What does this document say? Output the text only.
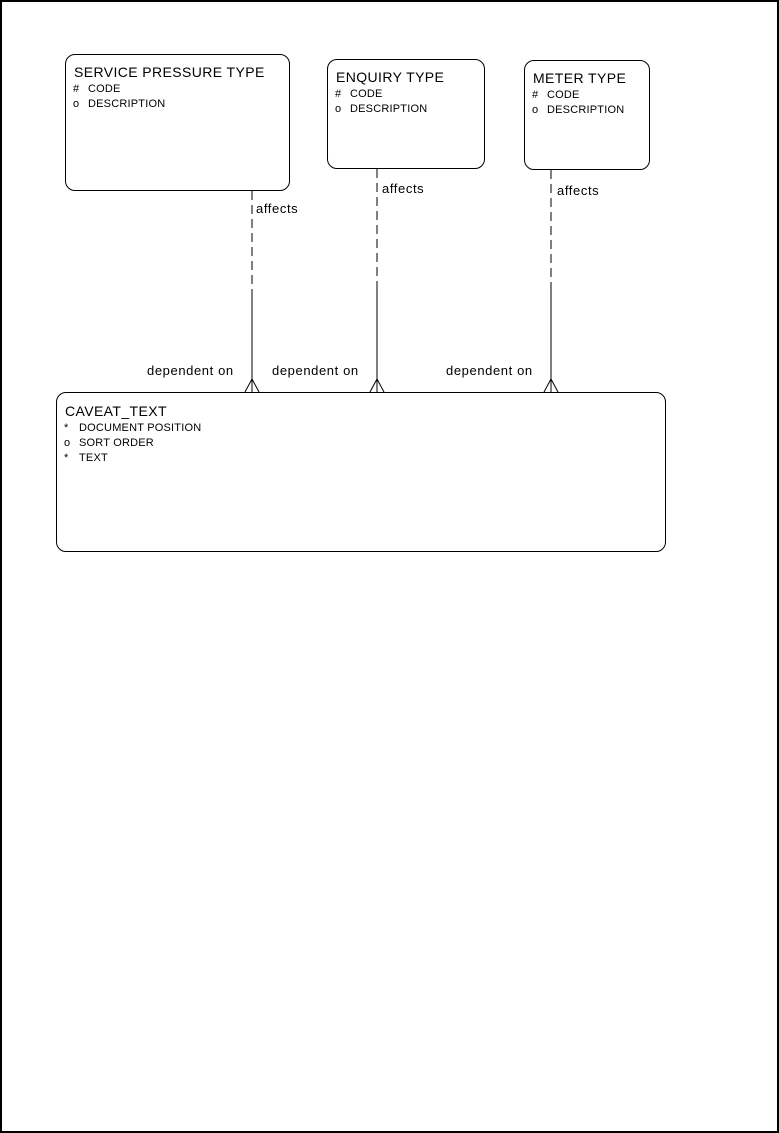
SERVICE PRESSURE TYPE
# CODE
o DESCRIPTION
ENQUIRY TYPE
# CODE
o DESCRIPTION
METER TYPE
# CODE
o DESCRIPTION
CAVEAT_TEXT
* DOCUMENT POSITION
o SORT ORDER
* TEXT
affects
affects	affects
dependent on	dependent on	dependent on
